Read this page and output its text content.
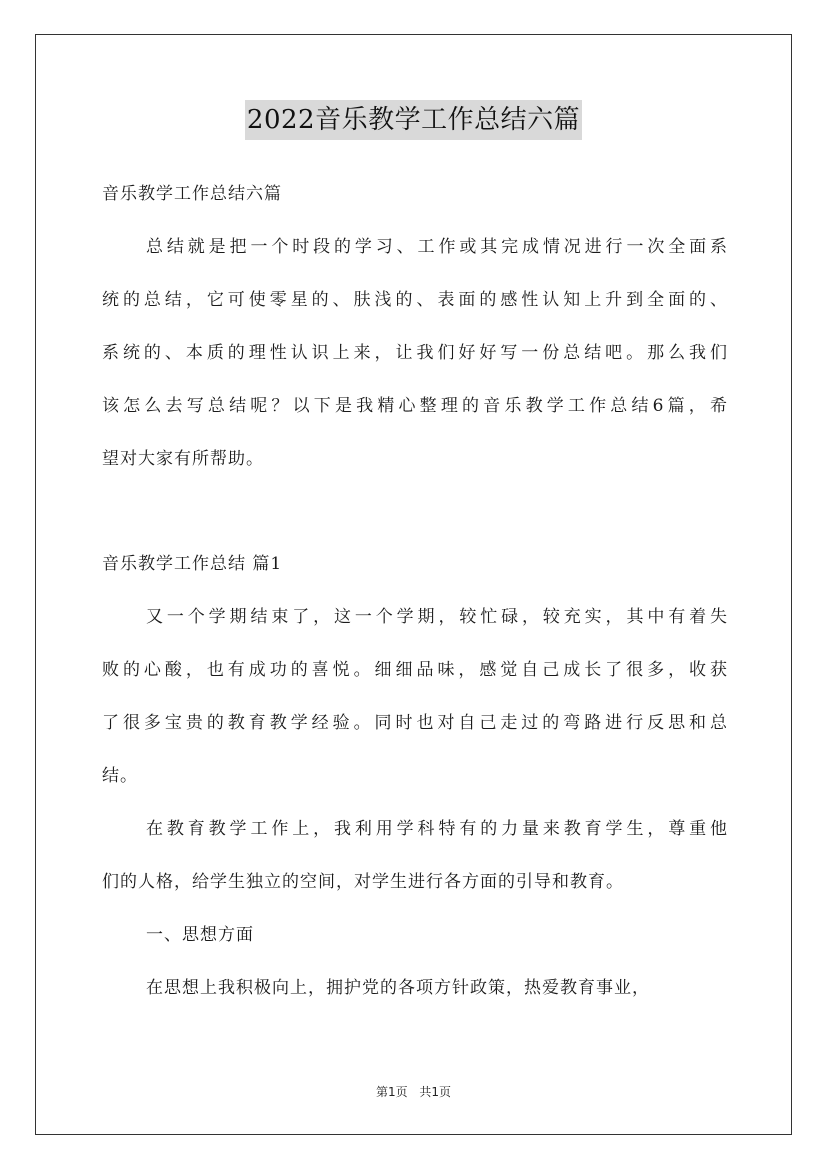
2022音乐教学工作总结六篇
音乐教学工作总结六篇
总结就是把一个时段的学习、工作或其完成情况进行一次全面系
统的总结，它可使零星的、肤浅的、表面的感性认知上升到全面的、
系统的、本质的理性认识上来，让我们好好写一份总结吧。那么我们
该怎么去写总结呢？以下是我精心整理的音乐教学工作总结6篇，希
望对大家有所帮助。
音乐教学工作总结 篇1
又一个学期结束了，这一个学期，较忙碌，较充实，其中有着失
败的心酸，也有成功的喜悦。细细品味，感觉自己成长了很多，收获
了很多宝贵的教育教学经验。同时也对自己走过的弯路进行反思和总
结。
在教育教学工作上，我利用学科特有的力量来教育学生，尊重他
们的人格，给学生独立的空间，对学生进行各方面的引导和教育。
一、思想方面
在思想上我积极向上，拥护党的各项方针政策，热爱教育事业，
第1页 共1页
